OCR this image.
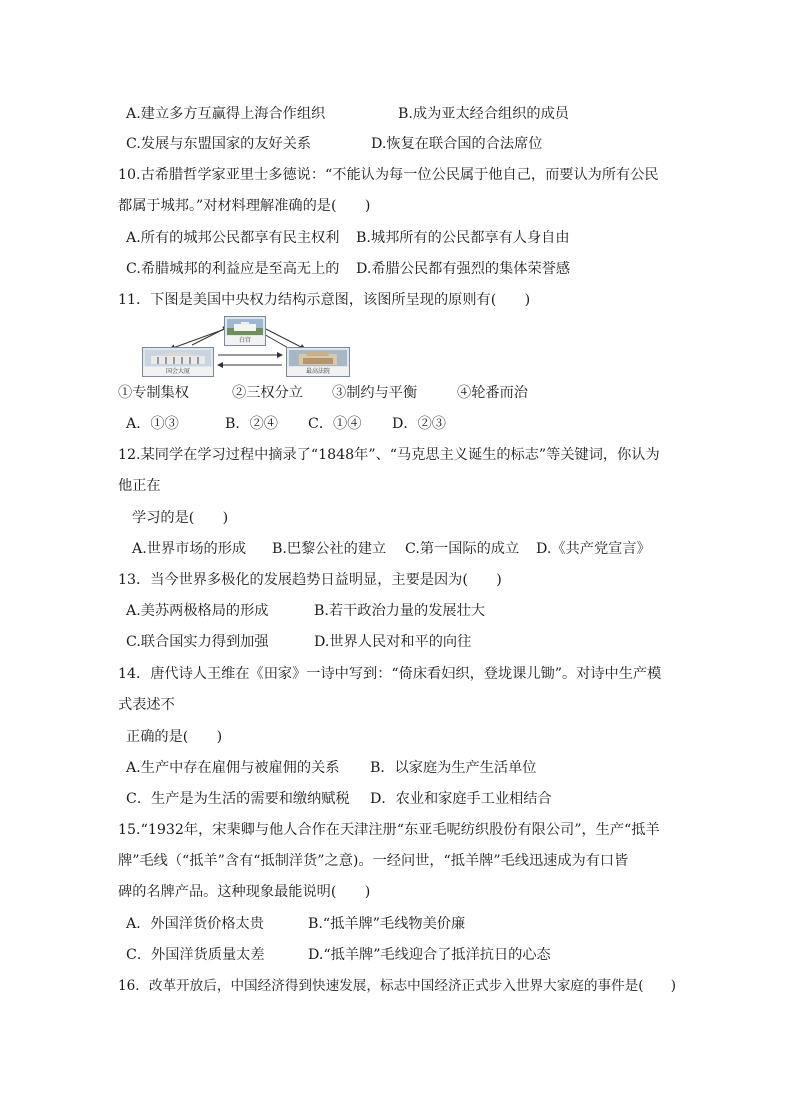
A.建立多方互赢得上海合作组织	B.成为亚太经合组织的成员
C.发展与东盟国家的友好关系	D.恢复在联合国的合法席位
10.古希腊哲学家亚里士多德说：“不能认为每一位公民属于他自己，而要认为所有公民
都属于城邦。”对材料理解准确的是(　　)
A.所有的城邦公民都享有民主权利 B.城邦所有的公民都享有人身自由
C.希腊城邦的利益应是至高无上的 D.希腊公民都有强烈的集体荣誉感
11．下图是美国中央权力结构示意图，该图所呈现的原则有(　　)
白宫
国会大厦	最高法院
①专制集权	②三权分立 ③制约与平衡	④轮番而治
A．①③	B．②④ C．①④ D．②③
12.某同学在学习过程中摘录了“1848年”、“马克思主义诞生的标志”等关键词，你认为
他正在
学习的是(　　)
A.世界市场的形成 B.巴黎公社的建立 C.第一国际的成立 D.《共产党宣言》
13．当今世界多极化的发展趋势日益明显，主要是因为(　　)
A.美苏两极格局的形成	B.若干政治力量的发展壮大
C.联合国实力得到加强	D.世界人民对和平的向往
14．唐代诗人王维在《田家》一诗中写到：“倚床看妇织，登垅课儿锄”。对诗中生产模
式表述不
正确的是(　　)
A.生产中存在雇佣与被雇佣的关系 B．以家庭为生产生活单位
C．生产是为生活的需要和缴纳赋税 D．农业和家庭手工业相结合
15.“1932年，宋棐卿与他人合作在天津注册“东亚毛呢纺织股份有限公司”，生产“抵羊
牌”毛线（“抵羊”含有“抵制洋货”之意)。一经问世，“抵羊牌”毛线迅速成为有口皆
碑的名牌产品。这种现象最能说明(　　)
A．外国洋货价格太贵	B.“抵羊牌”毛线物美价廉
C．外国洋货质量太差	D.“抵羊牌”毛线迎合了抵洋抗日的心态
16．改革开放后，中国经济得到快速发展，标志中国经济正式步入世界大家庭的事件是(　　)
